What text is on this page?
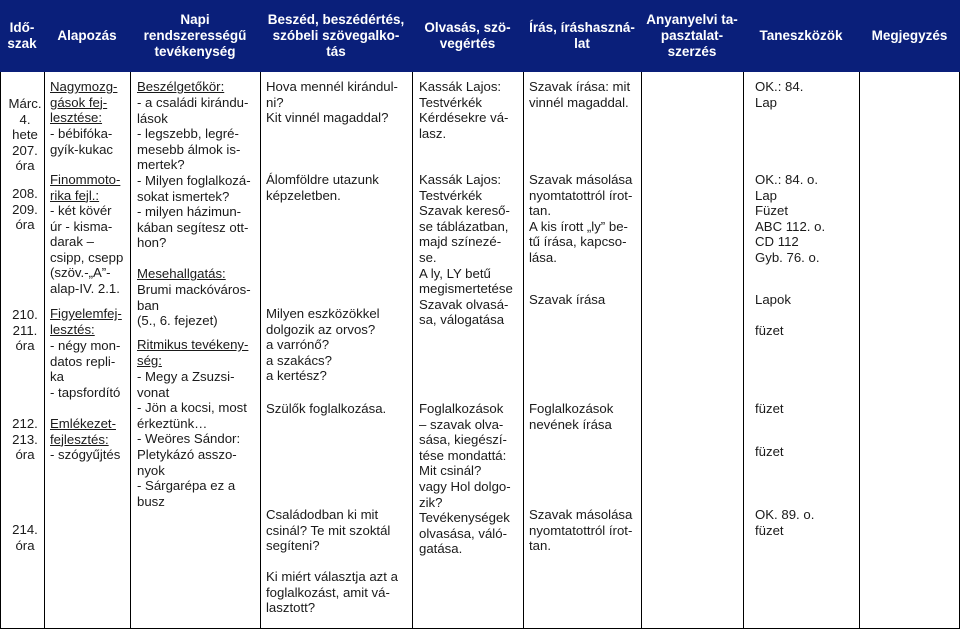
Idő-
szak
Alapozás
Napi
rendszerességű
tevékenység
Beszéd, beszédértés,
szóbeli szövegalko-
tás
Olvasás, szö-
vegértés
Írás, íráshaszná-
lat
Anyanyelvi ta-
pasztalat-
szerzés
Taneszközök	Megjegyzés
Márc.
4.
hete
207.
óra
208.
209.
óra
210.
211.
óra
212.
213.
óra
214.
óra
Nagymozg-
gások fej-
lesztése:
- bébifóka-
gyík-kukac
Finommoto-
rika fejl.:
- két kövér
úr - kisma-
darak –
csipp, csepp
(szöv.-„A”-
alap-IV. 2.1.
Figyelemfej-
lesztés:
- négy mon-
datos repli-
ka
- tapsfordító
Emlékezet-
fejlesztés:
- szógyűjtés
Beszélgetőkör:
- a családi kirándu-
lások
- legszebb, legré-
mesebb álmok is-
mertek?
- Milyen foglalkozá-
sokat ismertek?
- milyen házimun-
kában segítesz ott-
hon?
Mesehallgatás:
Brumi mackóváros-
ban
(5., 6. fejezet)
Ritmikus tevékeny-
ség:
- Megy a Zsuzsi-
vonat
- Jön a kocsi, most
érkeztünk…
- Weöres Sándor:
Pletykázó asszo-
nyok
- Sárgarépa ez a
busz
Hova mennél kirándul-
ni?
Kit vinnél magaddal?
Álomföldre utazunk
képzeletben.
Milyen eszközökkel
dolgozik az orvos?
a varrónő?
a szakács?
a kertész?
Szülők foglalkozása.
Családodban ki mit
csinál? Te mit szoktál
segíteni?
Ki miért választja azt a
foglalkozást, amit vá-
lasztott?
Kassák Lajos:
Testvérkék
Kérdésekre vá-
lasz.
Kassák Lajos:
Testvérkék
Szavak kereső-
se táblázatban,
majd színezé-
se.
A ly, LY betű
megismertetése
Szavak olvasá-
sa, válogatása
Foglalkozások
– szavak olva-
sása, kiegészí-
tése mondattá:
Mit csinál?
vagy Hol dolgo-
zik?
Tevékenységek
olvasása, váló-
gatása.
Szavak írása: mit
vinnél magaddal.
Szavak másolása
nyomtatottról írot-
tan.
A kis írott „ly” be-
tű írása, kapcso-
lása.
Szavak írása
Foglalkozások
nevének írása
Szavak másolása
nyomtatottról írot-
tan.
OK.: 84.
Lap
OK.: 84. o.
Lap
Füzet
ABC 112. o.
CD 112
Gyb. 76. o.
Lapok

füzet
füzet
füzet
OK. 89. o.
füzet
